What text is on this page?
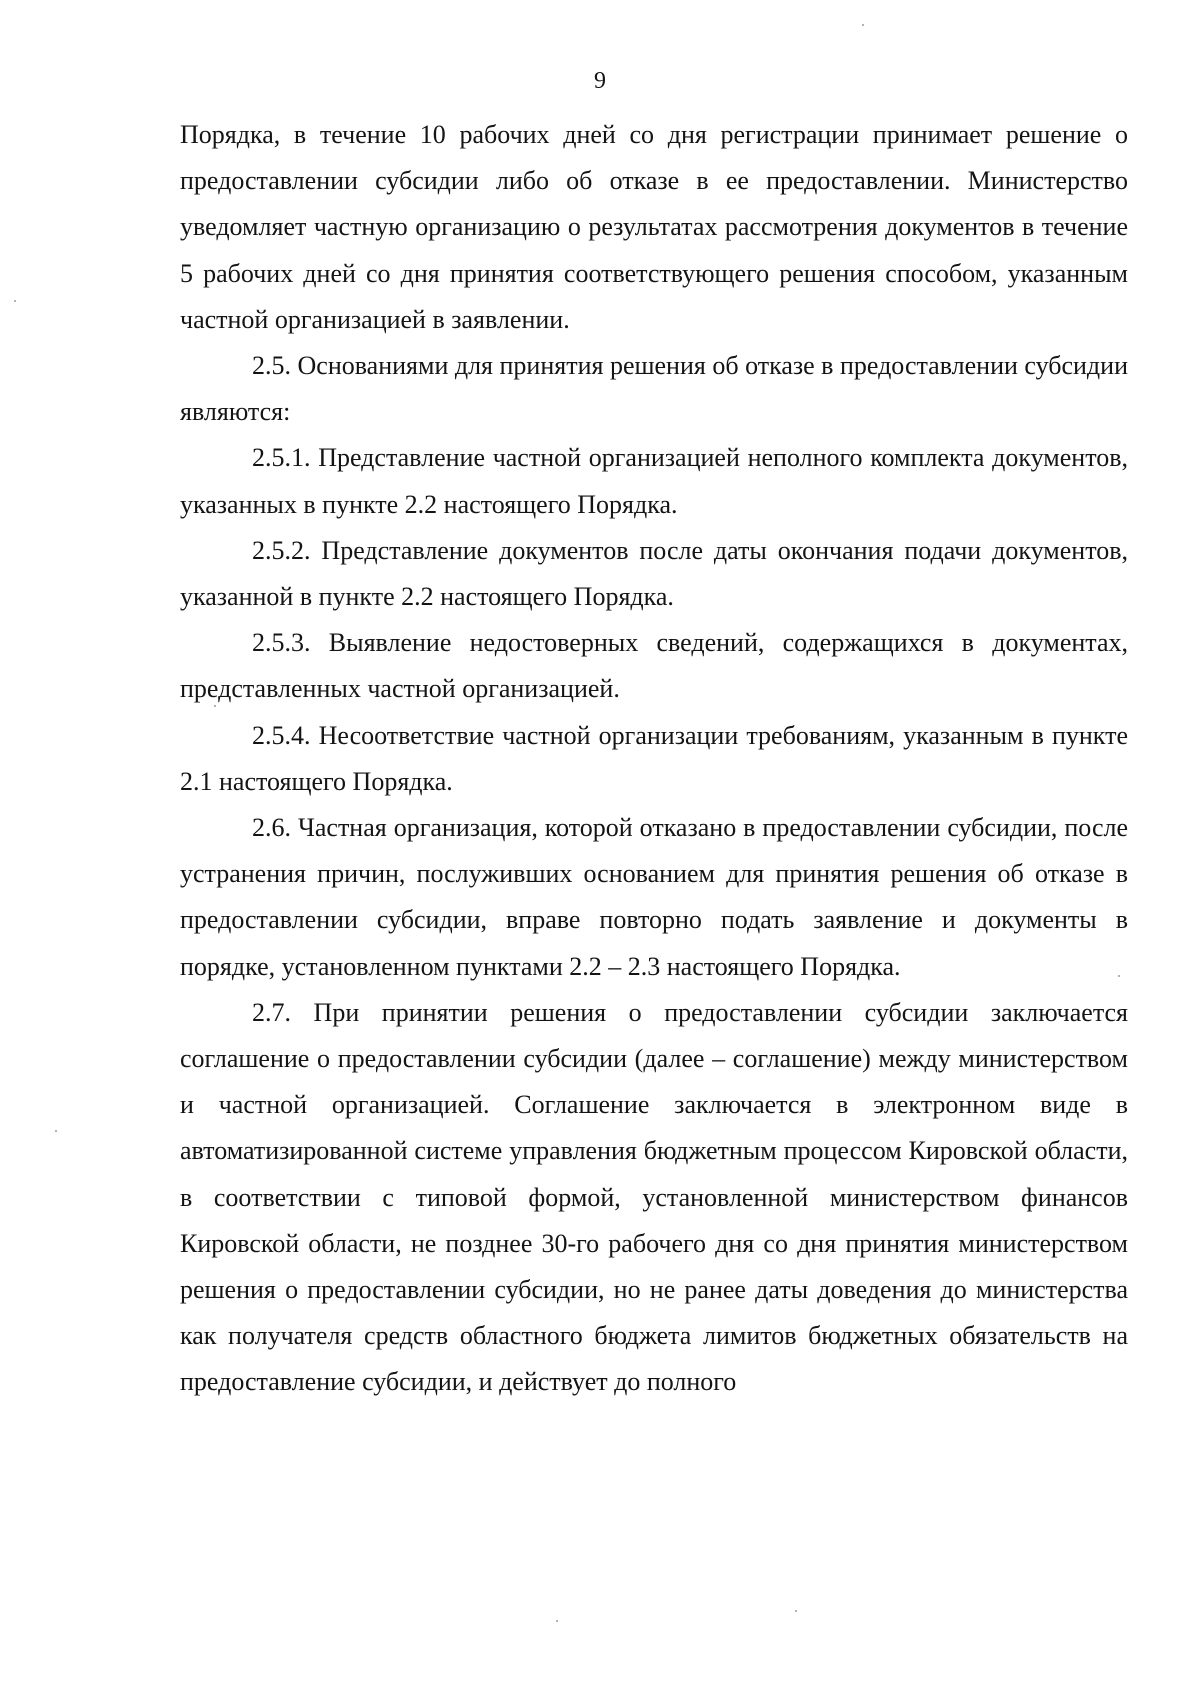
9

Порядка, в течение 10 рабочих дней со дня регистрации принимает решение о предоставлении субсидии либо об отказе в ее предоставлении. Министерство уведомляет частную организацию о результатах рассмотрения документов в течение 5 рабочих дней со дня принятия соответствующего решения способом, указанным частной организацией в заявлении.

2.5. Основаниями для принятия решения об отказе в предоставлении субсидии являются:

2.5.1. Представление частной организацией неполного комплекта документов, указанных в пункте 2.2 настоящего Порядка.

2.5.2. Представление документов после даты окончания подачи документов, указанной в пункте 2.2 настоящего Порядка.

2.5.3. Выявление недостоверных сведений, содержащихся в документах, представленных частной организацией.

2.5.4. Несоответствие частной организации требованиям, указанным в пункте 2.1 настоящего Порядка.

2.6. Частная организация, которой отказано в предоставлении субсидии, после устранения причин, послуживших основанием для принятия решения об отказе в предоставлении субсидии, вправе повторно подать заявление и документы в порядке, установленном пунктами 2.2 – 2.3 настоящего Порядка.

2.7. При принятии решения о предоставлении субсидии заключается соглашение о предоставлении субсидии (далее – соглашение) между министерством и частной организацией. Соглашение заключается в электронном виде в автоматизированной системе управления бюджетным процессом Кировской области, в соответствии с типовой формой, установленной министерством финансов Кировской области, не позднее 30-го рабочего дня со дня принятия министерством решения о предоставлении субсидии, но не ранее даты доведения до министерства как получателя средств областного бюджета лимитов бюджетных обязательств на предоставление субсидии, и действует до полного
